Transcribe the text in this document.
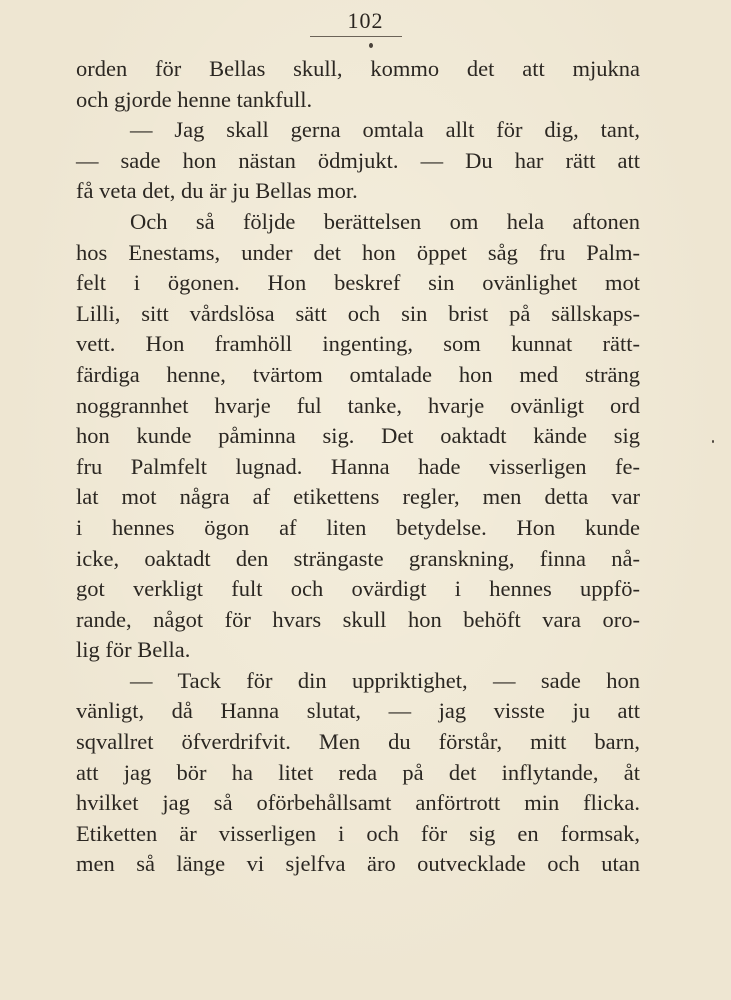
102
orden för Bellas skull, kommo det att mjukna
och gjorde henne tankfull.
— Jag skall gerna omtala allt för dig, tant,
— sade hon nästan ödmjukt. — Du har rätt att
få veta det, du är ju Bellas mor.
Och så följde berättelsen om hela aftonen
hos Enestams, under det hon öppet såg fru Palm-
felt i ögonen. Hon beskref sin ovänlighet mot
Lilli, sitt vårdslösa sätt och sin brist på sällskaps-
vett. Hon framhöll ingenting, som kunnat rätt-
färdiga henne, tvärtom omtalade hon med sträng
noggrannhet hvarje ful tanke, hvarje ovänligt ord
hon kunde påminna sig. Det oaktadt kände sig
fru Palmfelt lugnad. Hanna hade visserligen fe-
lat mot några af etikettens regler, men detta var
i hennes ögon af liten betydelse. Hon kunde
icke, oaktadt den strängaste granskning, finna nå-
got verkligt fult och ovärdigt i hennes uppfö-
rande, något för hvars skull hon behöft vara oro-
lig för Bella.
— Tack för din uppriktighet, — sade hon
vänligt, då Hanna slutat, — jag visste ju att
sqvallret öfverdrifvit. Men du förstår, mitt barn,
att jag bör ha litet reda på det inflytande, åt
hvilket jag så oförbehållsamt anförtrott min flicka.
Etiketten är visserligen i och för sig en formsak,
men så länge vi sjelfva äro outvecklade och utan
